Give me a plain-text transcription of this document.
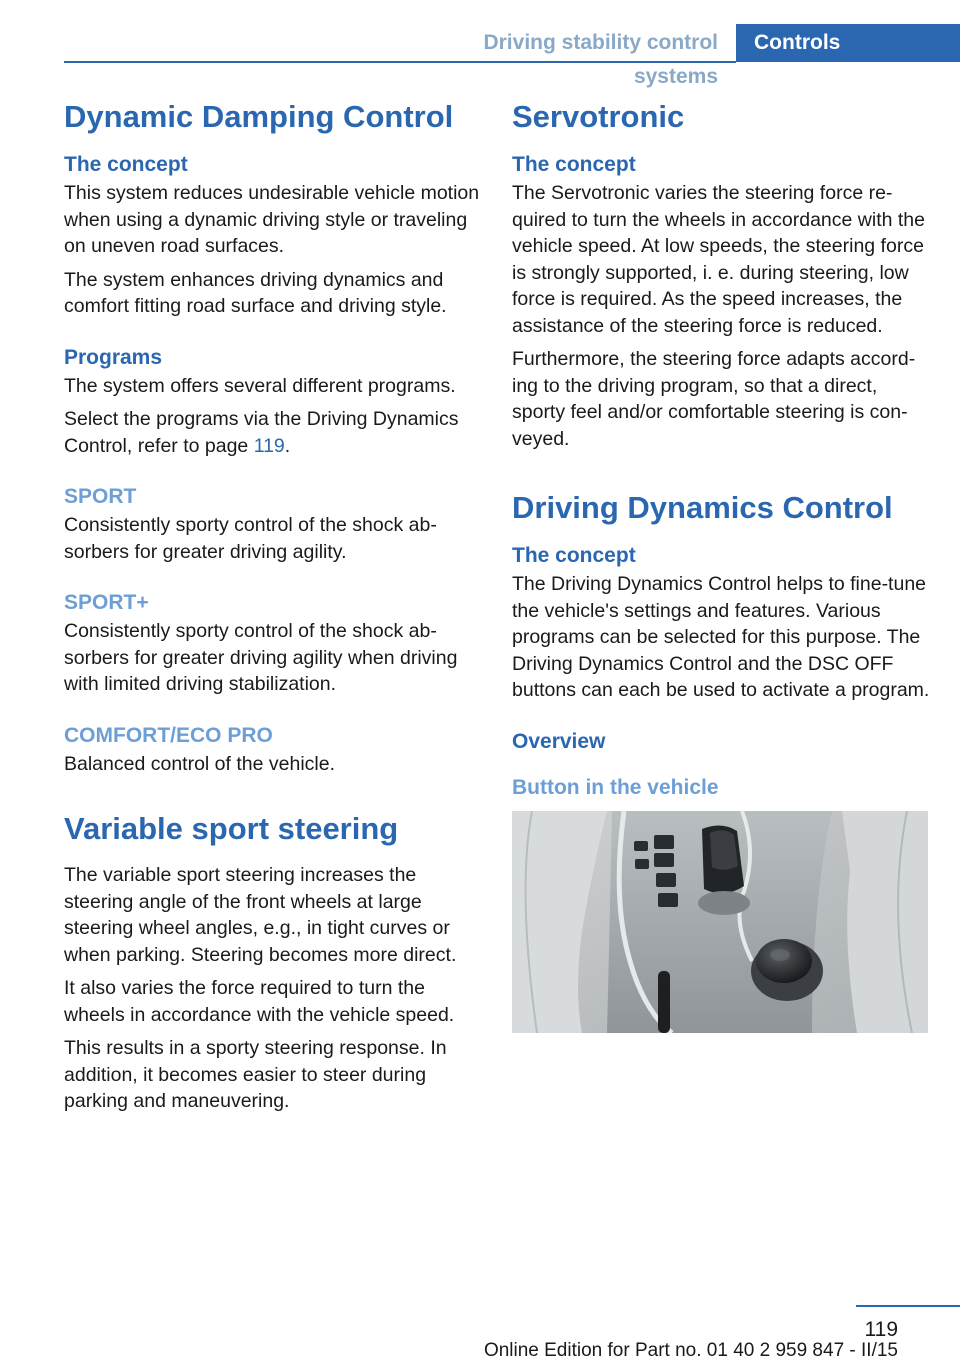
Driving stability control systems
Controls
Dynamic Damping Control
The concept

This system reduces undesirable vehicle motion when using a dynamic driving style or traveling on uneven road surfaces.

The system enhances driving dynamics and comfort fitting road surface and driving style.

Programs

The system offers several different programs.

Select the programs via the Driving Dynamics Control, refer to page 119.

SPORT

Consistently sporty control of the shock absorbers for greater driving agility.

SPORT+

Consistently sporty control of the shock absorbers for greater driving agility when driving with limited driving stabilization.

COMFORT/ECO PRO

Balanced control of the vehicle.

Variable sport steering

The variable sport steering increases the steering angle of the front wheels at large steering wheel angles, e.g., in tight curves or when parking. Steering becomes more direct.

It also varies the force required to turn the wheels in accordance with the vehicle speed.

This results in a sporty steering response. In addition, it becomes easier to steer during parking and maneuvering.

Servotronic
The concept

The Servotronic varies the steering force required to turn the wheels in accordance with the vehicle speed. At low speeds, the steering force is strongly supported, i. e. during steering, low force is required. As the speed increases, the assistance of the steering force is reduced.

Furthermore, the steering force adapts according to the driving program, so that a direct, sporty feel and/or comfortable steering is conveyed.

Driving Dynamics Control
The concept

The Driving Dynamics Control helps to fine-tune the vehicle's settings and features. Various programs can be selected for this purpose. The Driving Dynamics Control and the DSC OFF buttons can each be used to activate a program.

Overview
Button in the vehicle
119
Online Edition for Part no. 01 40 2 959 847 - II/15
